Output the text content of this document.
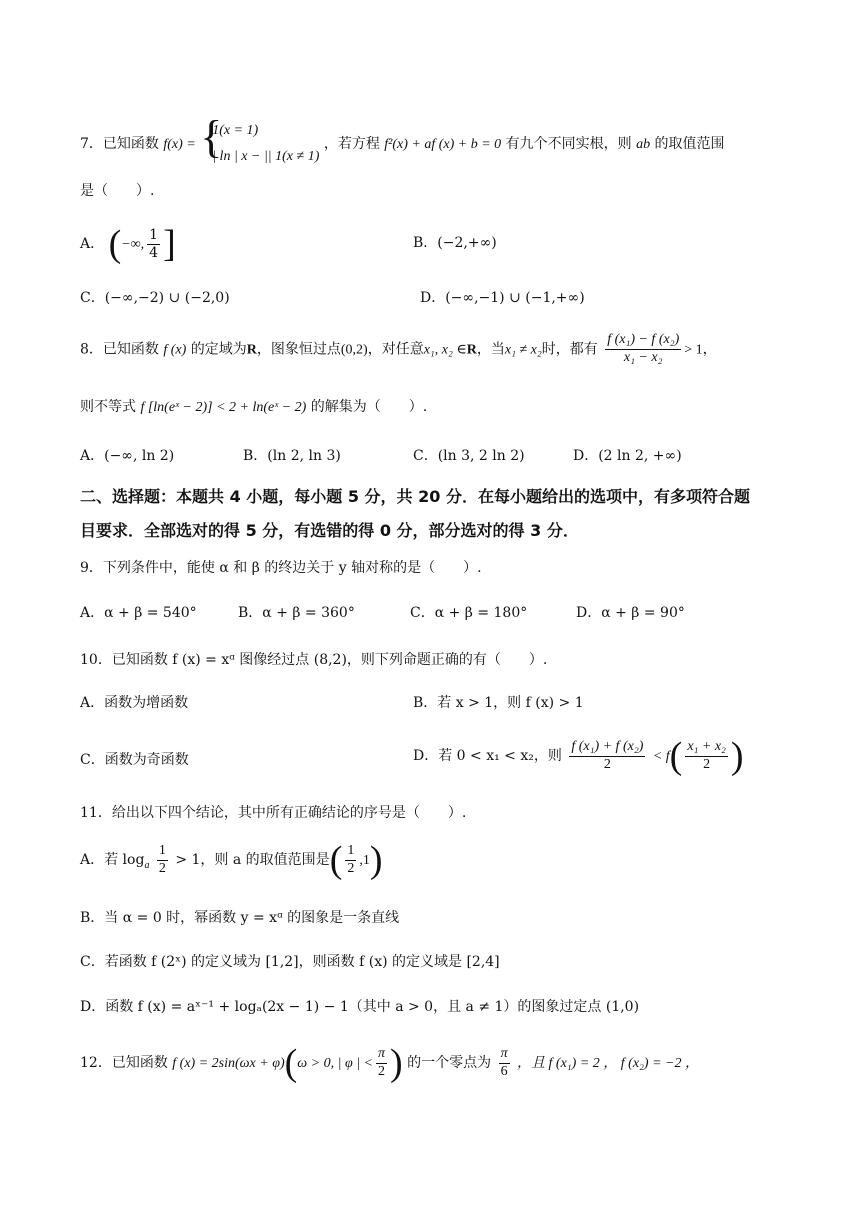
7．已知函数 f(x) = {
1(x = 1)
| ln | x − || 1(x ≠ 1)
，若方程 f²(x) + af (x) + b = 0 有九个不同实根，则 ab 的取值范围
是（　　）.
A． (−∞, $\frac{1}{4}$ ]	B．(−2,+∞)
C．(−∞,−2) ∪ (−2,0)	D．(−∞,−1) ∪ (−1,+∞)
8．已知函数 f (x) 的定域为R，图象恒过点(0,2)，对任意x₁, x₂ ∈R，当x₁ ≠ x₂时，都有 $\frac{\text{f (x₁) − f (x₂)}}{\text{x₁ − x₂}} > 1$，
则不等式 f [ln(eˣ − 2)] < 2 + ln(eˣ − 2) 的解集为（　　）.
A．(−∞, ln 2)	B．(ln 2, ln 3)	C．(ln 3, 2 ln 2)	D．(2 ln 2, +∞)
二、选择题：本题共 4 小题，每小题 5 分，共 20 分．在每小题给出的选项中，有多项符合题
目要求．全部选对的得 5 分，有选错的得 0 分，部分选对的得 3 分．
9．下列条件中，能使 α 和 β 的终边关于 y 轴对称的是（　　）.
A．α + β = 540°	B．α + β = 360°	C．α + β = 180°	D．α + β = 90°
10．已知函数 f (x) = xᵅ 图像经过点 (8,2)，则下列命题正确的有（　　）.
A．函数为增函数	B．若 x > 1，则 f (x) > 1
C．函数为奇函数	D．若 0 < x₁ < x₂，则 $\frac{\text{f (x₁) + f (x₂)}}{2} < f( \frac{\text{x₁ + x₂}}{2}$ )
11．给出以下四个结论，其中所有正确结论的序号是（　　）.
A．若 $\log_a \frac{1}{2} > 1$，则 a 的取值范围是( $\frac{1}{2} ,1$)
B．当 α = 0 时，幂函数 y = xᵅ 的图象是一条直线
C．若函数 f (2ˣ) 的定义域为 [1,2]，则函数 f (x) 的定义域是 [2,4]
D．函数 f (x) = aˣ⁻¹ + logₐ(2x − 1) − 1（其中 a > 0，且 a ≠ 1）的图象过定点 (1,0)
12．已知函数 f (x) = 2sin(ωx + φ)(ω > 0, | φ | < $\frac{\pi}{2}$ ) 的一个零点为 $\frac{\pi}{6}$ ，且 f (x₁) = 2 ， f (x₂) = −2 ，
